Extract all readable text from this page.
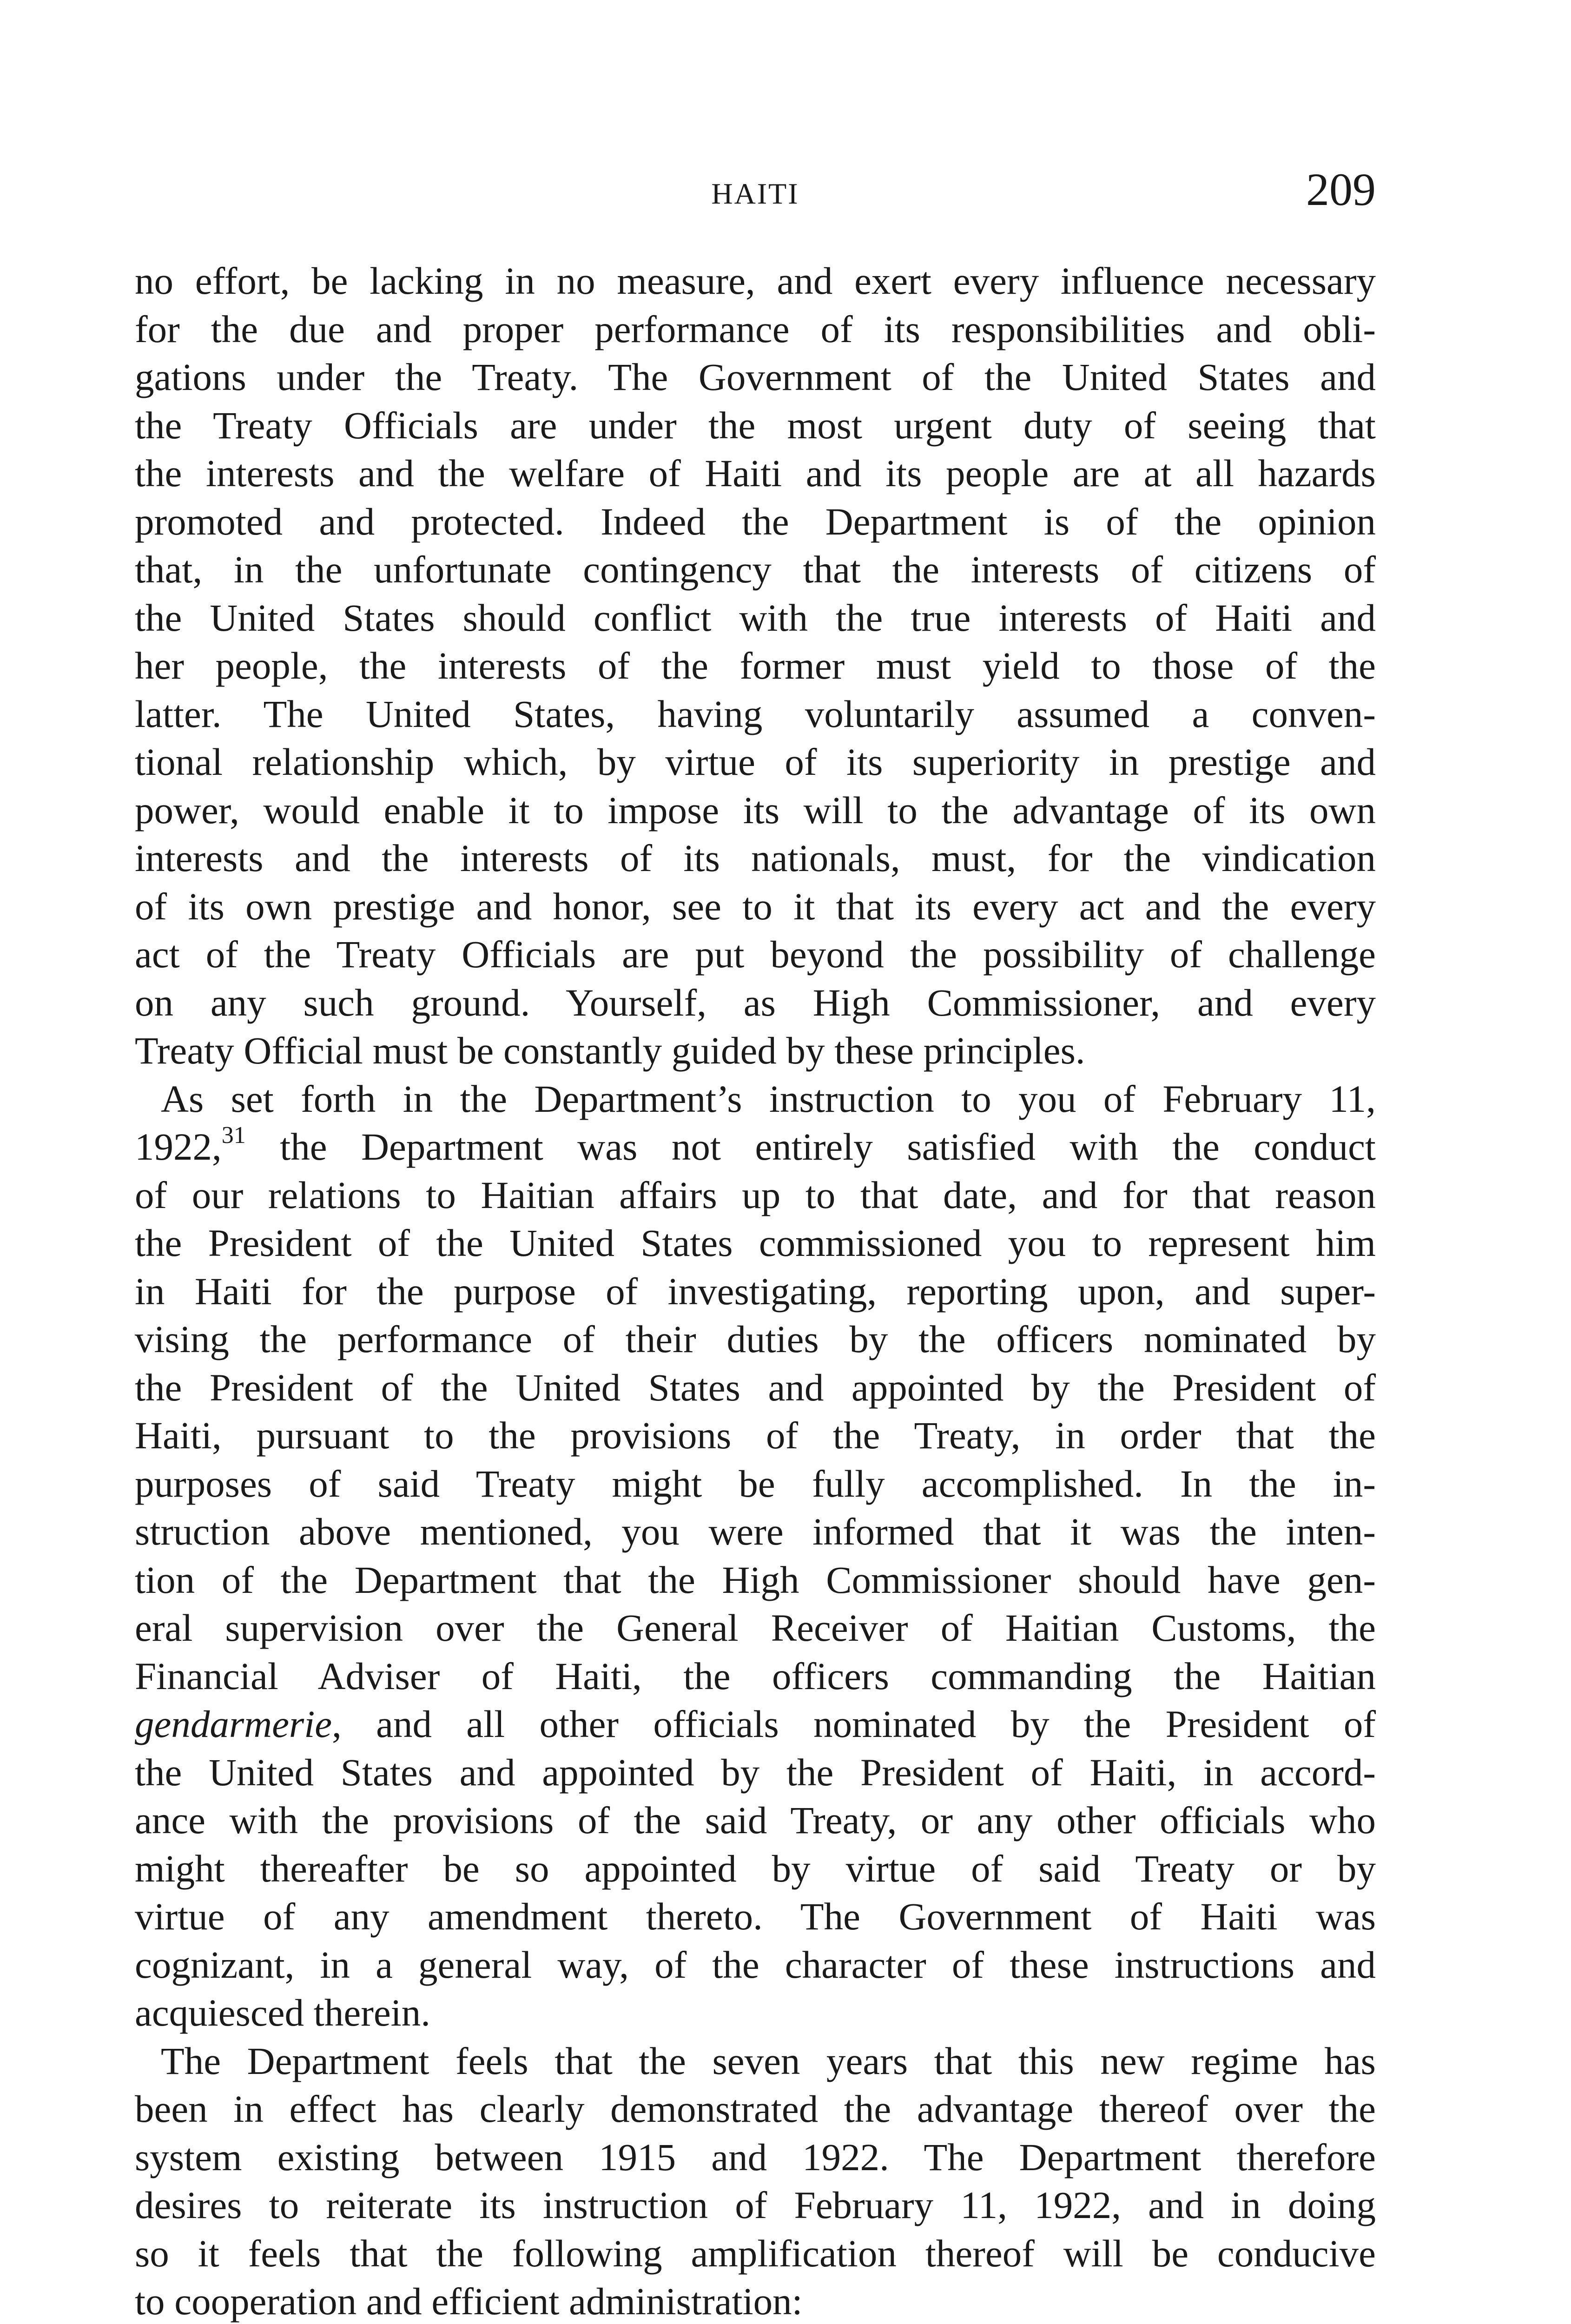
HAITI	209
no effort, be lacking in no measure, and exert every influence necessary
for the due and proper performance of its responsibilities and obli-
gations under the Treaty. The Government of the United States and
the Treaty Officials are under the most urgent duty of seeing that
the interests and the welfare of Haiti and its people are at all hazards
promoted and protected. Indeed the Department is of the opinion
that, in the unfortunate contingency that the interests of citizens of
the United States should conflict with the true interests of Haiti and
her people, the interests of the former must yield to those of the
latter. The United States, having voluntarily assumed a conven-
tional relationship which, by virtue of its superiority in prestige and
power, would enable it to impose its will to the advantage of its own
interests and the interests of its nationals, must, for the vindication
of its own prestige and honor, see to it that its every act and the every
act of the Treaty Officials are put beyond the possibility of challenge
on any such ground. Yourself, as High Commissioner, and every
Treaty Official must be constantly guided by these principles.
As set forth in the Department’s instruction to you of February 11,
1922,31 the Department was not entirely satisfied with the conduct
of our relations to Haitian affairs up to that date, and for that reason
the President of the United States commissioned you to represent him
in Haiti for the purpose of investigating, reporting upon, and super-
vising the performance of their duties by the officers nominated by
the President of the United States and appointed by the President of
Haiti, pursuant to the provisions of the Treaty, in order that the
purposes of said Treaty might be fully accomplished. In the in-
struction above mentioned, you were informed that it was the inten-
tion of the Department that the High Commissioner should have gen-
eral supervision over the General Receiver of Haitian Customs, the
Financial Adviser of Haiti, the officers commanding the Haitian
gendarmerie, and all other officials nominated by the President of
the United States and appointed by the President of Haiti, in accord-
ance with the provisions of the said Treaty, or any other officials who
might thereafter be so appointed by virtue of said Treaty or by
virtue of any amendment thereto. The Government of Haiti was
cognizant, in a general way, of the character of these instructions and
acquiesced therein.
The Department feels that the seven years that this new regime has
been in effect has clearly demonstrated the advantage thereof over the
system existing between 1915 and 1922. The Department therefore
desires to reiterate its instruction of February 11, 1922, and in doing
so it feels that the following amplification thereof will be conducive
to cooperation and efficient administration:
